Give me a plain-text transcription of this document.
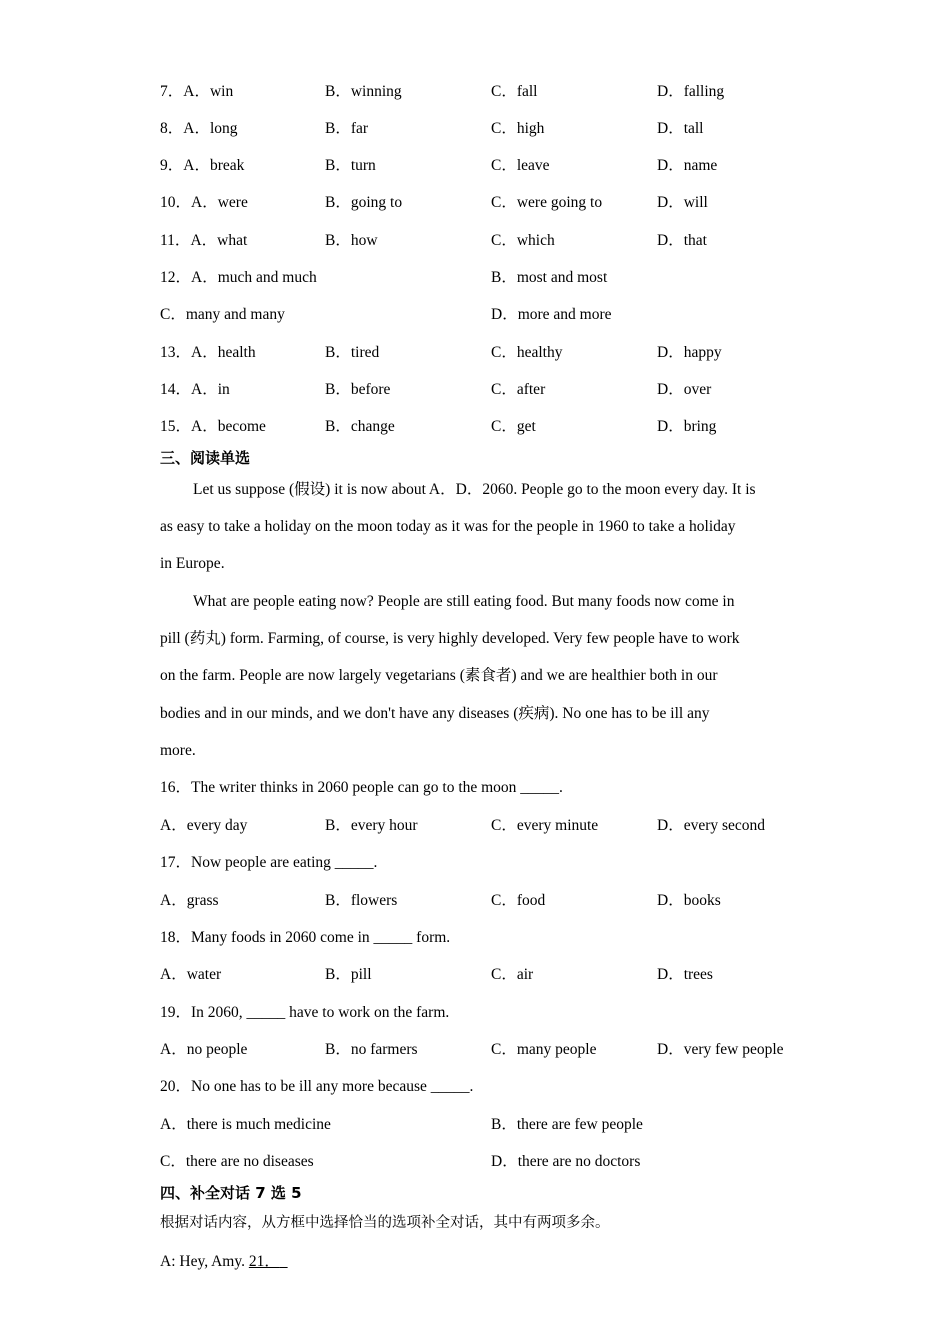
7．A．win	B．winning	C．fall	D．falling
8．A．long	B．far	C．high	D．tall
9．A．break	B．turn	C．leave	D．name
10．A．were	B．going to	C．were going to	D．will
11．A．what	B．how	C．which	D．that
12．A．much and much	B．most and most
C．many and many	D．more and more
13．A．health	B．tired	C．healthy	D．happy
14．A．in	B．before	C．after	D．over
15．A．become	B．change	C．get	D．bring
三、阅读单选
Let us suppose (假设) it is now about A．D．2060. People go to the moon every day. It is
as easy to take a holiday on the moon today as it was for the people in 1960 to take a holiday
in Europe.
What are people eating now? People are still eating food. But many foods now come in
pill (药丸) form. Farming, of course, is very highly developed. Very few people have to work
on the farm. People are now largely vegetarians (素食者) and we are healthier both in our
bodies and in our minds, and we don't have any diseases (疾病). No one has to be ill any
more.
16．The writer thinks in 2060 people can go to the moon _____.
A．every day	B．every hour	C．every minute	D．every second
17．Now people are eating _____.
A．grass	B．flowers	C．food	D．books
18．Many foods in 2060 come in _____ form.
A．water	B．pill	C．air	D．trees
19．In 2060, _____ have to work on the farm.
A．no people	B．no farmers	C．many people	D．very few people
20．No one has to be ill any more because _____.
A．there is much medicine	B．there are few people
C．there are no diseases	D．there are no doctors
四、补全对话 7 选 5
根据对话内容，从方框中选择恰当的选项补全对话，其中有两项多余。
A: Hey, Amy. 21．
